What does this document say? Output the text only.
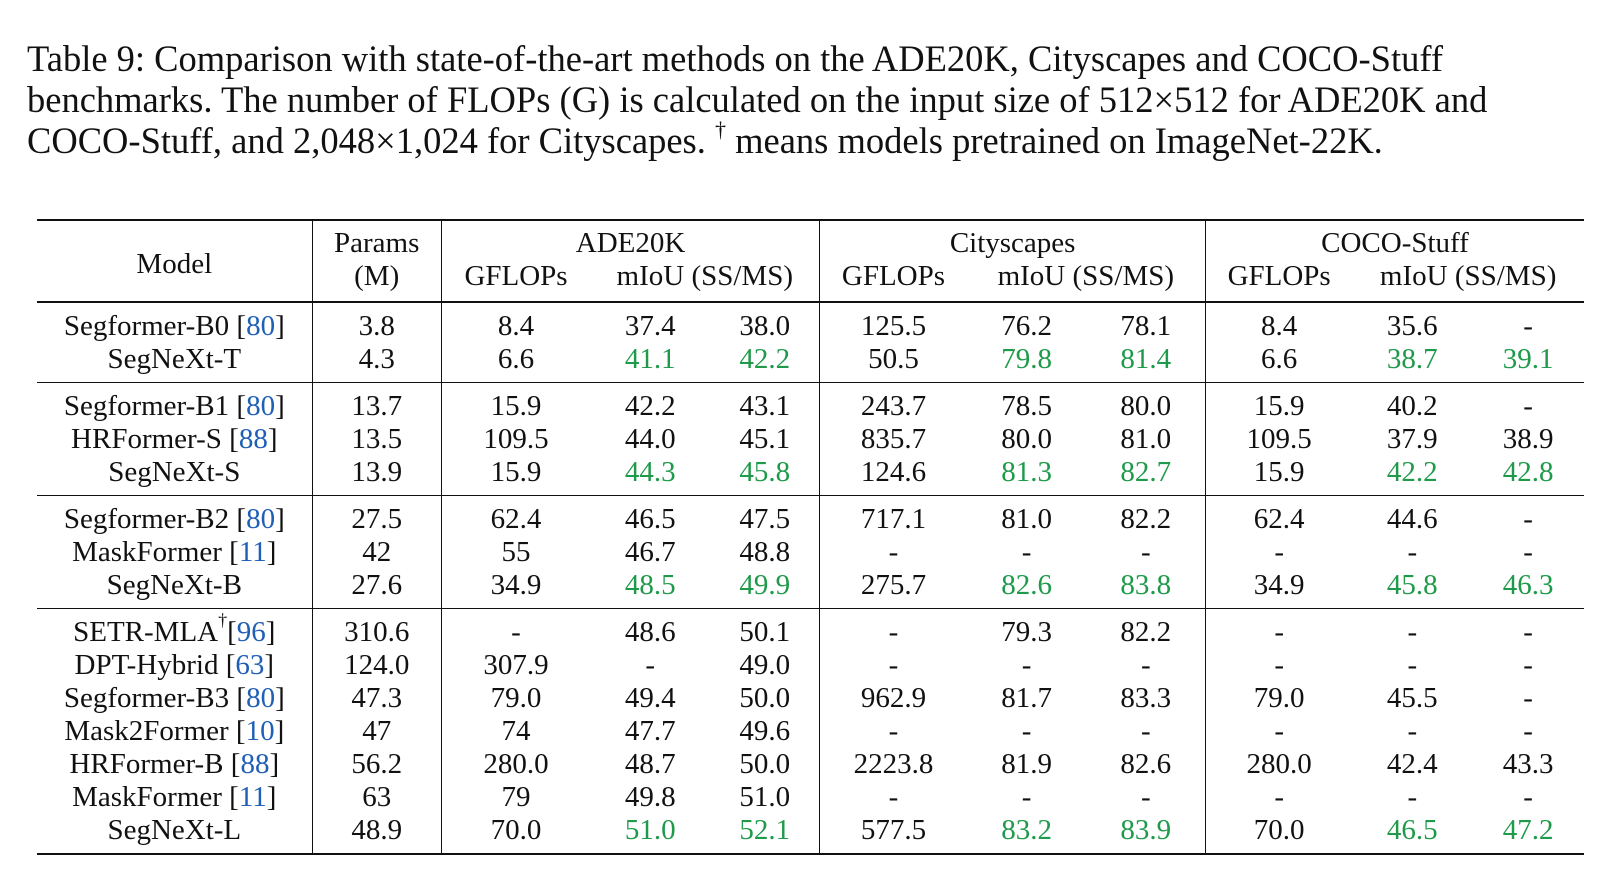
Table 9: Comparison with state-of-the-art methods on the ADE20K, Cityscapes and COCO-Stuff
benchmarks. The number of FLOPs (G) is calculated on the input size of 512×512 for ADE20K and
COCO-Stuff, and 2,048×1,024 for Cityscapes. † means models pretrained on ImageNet-22K.
Model	Params	ADE20K			Cityscapes			COCO-Stuff		
	(M)	GFLOPs	mIoU (SS/MS)		GFLOPs	mIoU (SS/MS)		GFLOPs	mIoU (SS/MS)	
Segformer-B0 [80]	3.8	8.4	37.4	38.0	125.5	76.2	78.1	8.4	35.6	-
SegNeXt-T	4.3	6.6	41.1	42.2	50.5	79.8	81.4	6.6	38.7	39.1
Segformer-B1 [80]	13.7	15.9	42.2	43.1	243.7	78.5	80.0	15.9	40.2	-
HRFormer-S [88]	13.5	109.5	44.0	45.1	835.7	80.0	81.0	109.5	37.9	38.9
SegNeXt-S	13.9	15.9	44.3	45.8	124.6	81.3	82.7	15.9	42.2	42.8
Segformer-B2 [80]	27.5	62.4	46.5	47.5	717.1	81.0	82.2	62.4	44.6	-
MaskFormer [11]	42	55	46.7	48.8	-	-	-	-	-	-
SegNeXt-B	27.6	34.9	48.5	49.9	275.7	82.6	83.8	34.9	45.8	46.3
SETR-MLA†[96]	310.6	-	48.6	50.1	-	79.3	82.2	-	-	-
DPT-Hybrid [63]	124.0	307.9	-	49.0	-	-	-	-	-	-
Segformer-B3 [80]	47.3	79.0	49.4	50.0	962.9	81.7	83.3	79.0	45.5	-
Mask2Former [10]	47	74	47.7	49.6	-	-	-	-	-	-
HRFormer-B [88]	56.2	280.0	48.7	50.0	2223.8	81.9	82.6	280.0	42.4	43.3
MaskFormer [11]	63	79	49.8	51.0	-	-	-	-	-	-
SegNeXt-L	48.9	70.0	51.0	52.1	577.5	83.2	83.9	70.0	46.5	47.2
